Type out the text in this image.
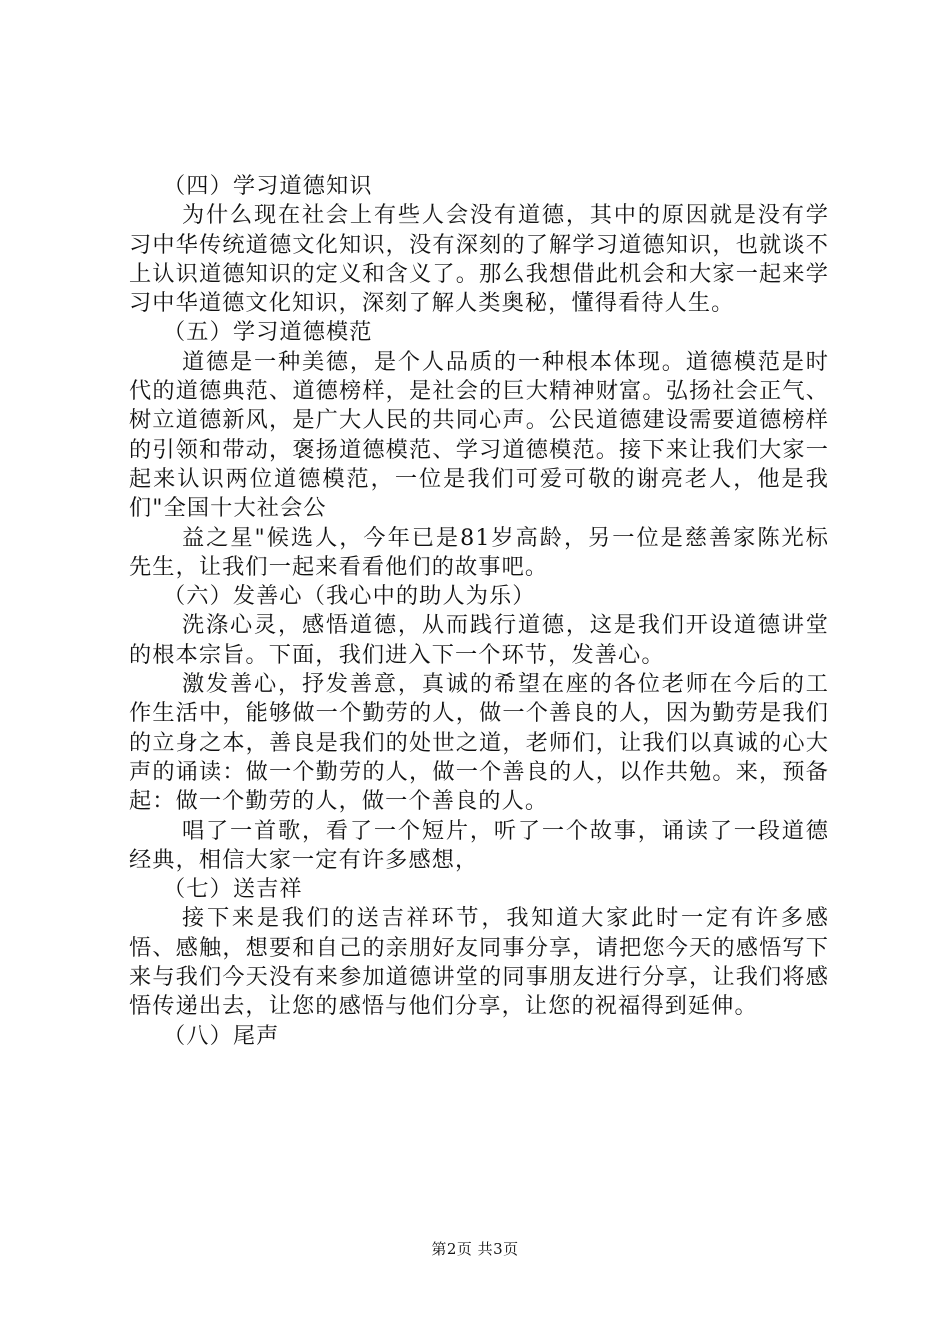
（四）学习道德知识

为什么现在社会上有些人会没有道德，其中的原因就是没有学习中华传统道德文化知识，没有深刻的了解学习道德知识，也就谈不上认识道德知识的定义和含义了。那么我想借此机会和大家一起来学习中华道德文化知识，深刻了解人类奥秘，懂得看待人生。

（五）学习道德模范

道德是一种美德，是个人品质的一种根本体现。道德模范是时代的道德典范、道德榜样，是社会的巨大精神财富。弘扬社会正气、树立道德新风，是广大人民的共同心声。公民道德建设需要道德榜样的引领和带动，褒扬道德模范、学习道德模范。接下来让我们大家一起来认识两位道德模范，一位是我们可爱可敬的谢亮老人，他是我们"全国十大社会公

益之星"候选人，今年已是81岁高龄，另一位是慈善家陈光标先生，让我们一起来看看他们的故事吧。

（六）发善心（我心中的助人为乐）

洗涤心灵，感悟道德，从而践行道德，这是我们开设道德讲堂的根本宗旨。下面，我们进入下一个环节，发善心。

激发善心，抒发善意，真诚的希望在座的各位老师在今后的工作生活中，能够做一个勤劳的人，做一个善良的人，因为勤劳是我们的立身之本，善良是我们的处世之道，老师们，让我们以真诚的心大声的诵读：做一个勤劳的人，做一个善良的人，以作共勉。来，预备起：做一个勤劳的人，做一个善良的人。

唱了一首歌，看了一个短片，听了一个故事，诵读了一段道德经典，相信大家一定有许多感想，

（七）送吉祥

接下来是我们的送吉祥环节，我知道大家此时一定有许多感悟、感触，想要和自己的亲朋好友同事分享，请把您今天的感悟写下来与我们今天没有来参加道德讲堂的同事朋友进行分享，让我们将感悟传递出去，让您的感悟与他们分享，让您的祝福得到延伸。

（八）尾声

第2页 共3页
